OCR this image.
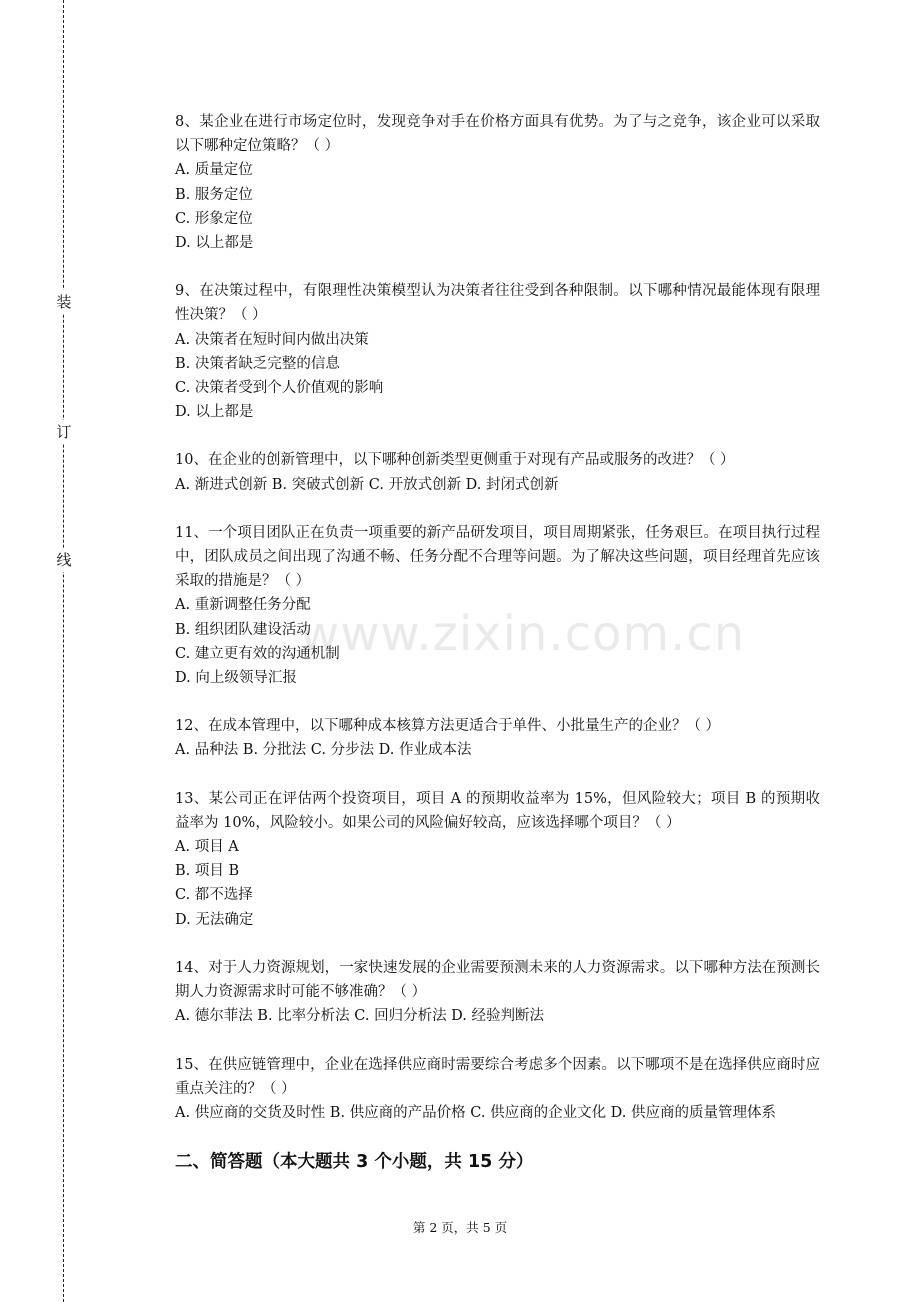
装
订
线
www.zixin.com.cn

8、某企业在进行市场定位时，发现竞争对手在价格方面具有优势。为了与之竞争，该企业可以采取以下哪种定位策略？（ ）

A. 质量定位

B. 服务定位

C. 形象定位

D. 以上都是

9、在决策过程中，有限理性决策模型认为决策者往往受到各种限制。以下哪种情况最能体现有限理性决策？（ ）

A. 决策者在短时间内做出决策

B. 决策者缺乏完整的信息

C. 决策者受到个人价值观的影响

D. 以上都是

10、在企业的创新管理中，以下哪种创新类型更侧重于对现有产品或服务的改进？（ ）

A. 渐进式创新 B. 突破式创新 C. 开放式创新 D. 封闭式创新

11、一个项目团队正在负责一项重要的新产品研发项目，项目周期紧张，任务艰巨。在项目执行过程中，团队成员之间出现了沟通不畅、任务分配不合理等问题。为了解决这些问题，项目经理首先应该采取的措施是？（ ）

A. 重新调整任务分配

B. 组织团队建设活动

C. 建立更有效的沟通机制

D. 向上级领导汇报

12、在成本管理中，以下哪种成本核算方法更适合于单件、小批量生产的企业？（ ）

A. 品种法 B. 分批法 C. 分步法 D. 作业成本法

13、某公司正在评估两个投资项目，项目 A 的预期收益率为 15%，但风险较大；项目 B 的预期收益率为 10%，风险较小。如果公司的风险偏好较高，应该选择哪个项目？（ ）

A. 项目 A

B. 项目 B

C. 都不选择

D. 无法确定

14、对于人力资源规划，一家快速发展的企业需要预测未来的人力资源需求。以下哪种方法在预测长期人力资源需求时可能不够准确？（ ）

A. 德尔菲法 B. 比率分析法 C. 回归分析法 D. 经验判断法

15、在供应链管理中，企业在选择供应商时需要综合考虑多个因素。以下哪项不是在选择供应商时应重点关注的？（ ）

A. 供应商的交货及时性 B. 供应商的产品价格 C. 供应商的企业文化 D. 供应商的质量管理体系

二、简答题（本大题共 3 个小题，共 15 分）
第 2 页，共 5 页
